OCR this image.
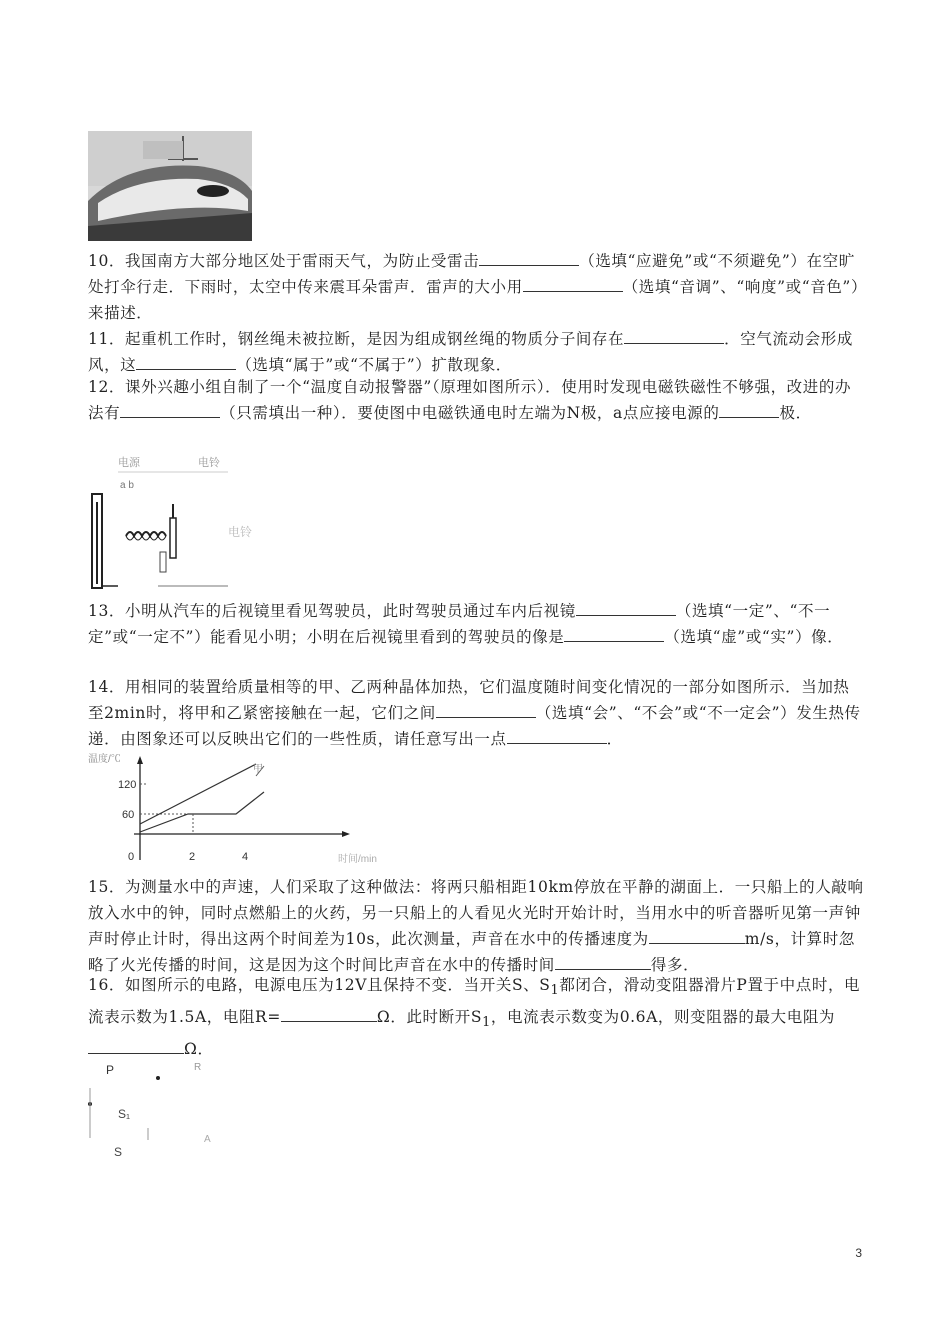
10．我国南方大部分地区处于雷雨天气，为防止受雷击	（选填“应避免”或“不须避免”）在空旷处打伞行走．下雨时，太空中传来震耳朵雷声．雷声的大小用	（选填“音调”、“响度”或“音色”）来描述．
11．起重机工作时，钢丝绳未被拉断，是因为组成钢丝绳的物质分子间存在	．空气流动会形成风，这	（选填“属于”或“不属于”）扩散现象．
12．课外兴趣小组自制了一个“温度自动报警器”（原理如图所示）．使用时发现电磁铁磁性不够强，改进的办法有	（只需填出一种）．要使图中电磁铁通电时左端为N极，a点应接电源的	极．
电源	电铃
a b
电铃
13．小明从汽车的后视镜里看见驾驶员，此时驾驶员通过车内后视镜	（选填“一定”、“不一定”或“一定不”）能看见小明；小明在后视镜里看到的驾驶员的像是	（选填“虚”或“实”）像．
14．用相同的装置给质量相等的甲、乙两种晶体加热，它们温度随时间变化情况的一部分如图所示．当加热至2min时，将甲和乙紧密接触在一起，它们之间	（选填“会”、“不会”或“不一定会”）发生热传递．由图象还可以反映出它们的一些性质，请任意写出一点	．
温度/℃
120
60
甲
0	2	4	时间/min
15．为测量水中的声速，人们采取了这种做法：将两只船相距10km停放在平静的湖面上．一只船上的人敲响放入水中的钟，同时点燃船上的火药，另一只船上的人看见火光时开始计时，当用水中的听音器听见第一声钟声时停止计时，得出这两个时间差为10s，此次测量，声音在水中的传播速度为	m/s，计算时忽略了火光传播的时间，这是因为这个时间比声音在水中的传播时间	得多．
16．如图所示的电路，电源电压为12V且保持不变．当开关S、$S_1$都闭合，滑动变阻器滑片P置于中点时，电流表示数为1.5A，电阻R=	Ω．此时断开$S_1$，电流表示数变为0.6A，则变阻器的最大电阻为Ω．
P	R
S₁
A
S
3
